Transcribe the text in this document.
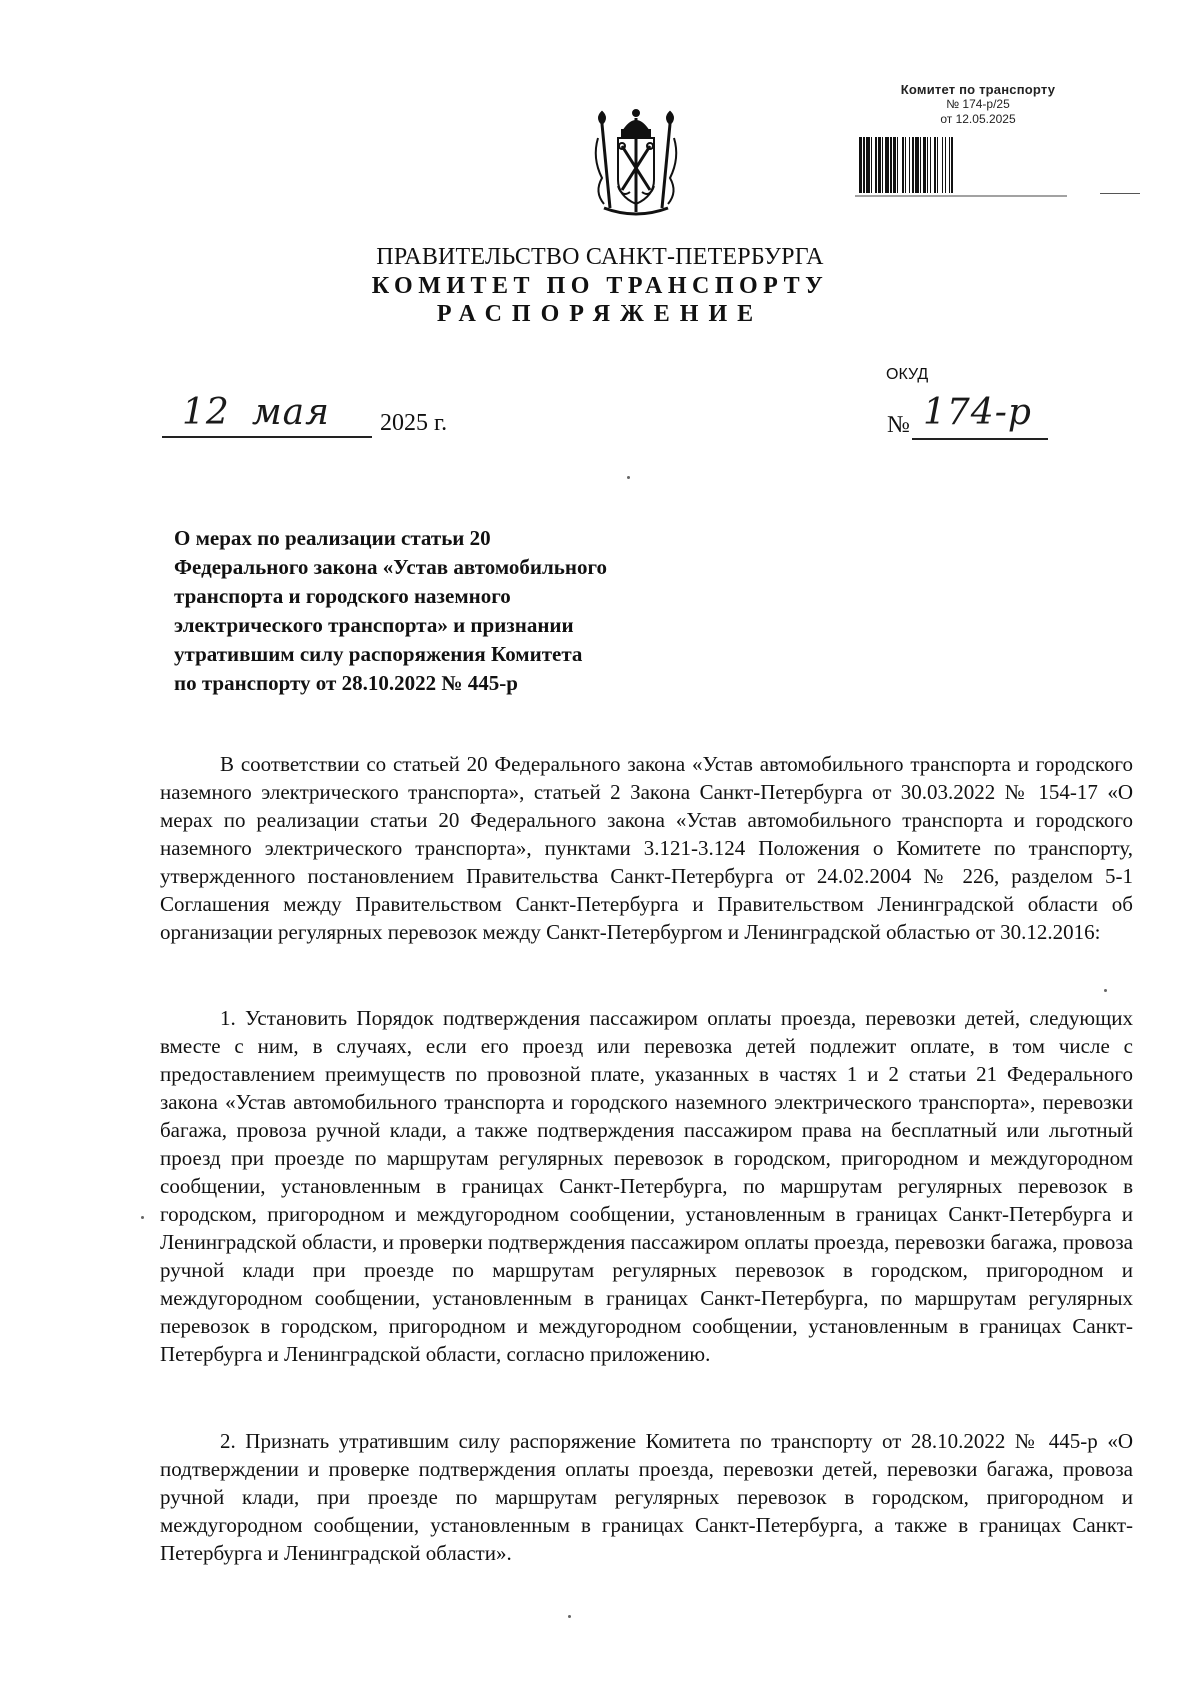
Комитет по транспорту
№ 174-р/25
от 12.05.2025
ПРАВИТЕЛЬСТВО САНКТ-ПЕТЕРБУРГА
КОМИТЕТ ПО ТРАНСПОРТУ
РАСПОРЯЖЕНИЕ
ОКУД
12 мая 2025 г.	№ 174-р
О мерах по реализации статьи 20
Федерального закона «Устав автомобильного
транспорта и городского наземного
электрического транспорта» и признании
утратившим силу распоряжения Комитета
по транспорту от 28.10.2022 № 445-р

В соответствии со статьей 20 Федерального закона «Устав автомобильного транспорта и городского наземного электрического транспорта», статьей 2 Закона Санкт-Петербурга от 30.03.2022 № 154-17 «О мерах по реализации статьи 20 Федерального закона «Устав автомобильного транспорта и городского наземного электрического транспорта», пунктами 3.121-3.124 Положения о Комитете по транспорту, утвержденного постановлением Правительства Санкт-Петербурга от 24.02.2004 № 226, разделом 5-1 Соглашения между Правительством Санкт-Петербурга и Правительством Ленинградской области об организации регулярных перевозок между Санкт-Петербургом и Ленинградской областью от 30.12.2016:

1. Установить Порядок подтверждения пассажиром оплаты проезда, перевозки детей, следующих вместе с ним, в случаях, если его проезд или перевозка детей подлежит оплате, в том числе с предоставлением преимуществ по провозной плате, указанных в частях 1 и 2 статьи 21 Федерального закона «Устав автомобильного транспорта и городского наземного электрического транспорта», перевозки багажа, провоза ручной клади, а также подтверждения пассажиром права на бесплатный или льготный проезд при проезде по маршрутам регулярных перевозок в городском, пригородном и междугородном сообщении, установленным в границах Санкт-Петербурга, по маршрутам регулярных перевозок в городском, пригородном и междугородном сообщении, установленным в границах Санкт-Петербурга и Ленинградской области, и проверки подтверждения пассажиром оплаты проезда, перевозки багажа, провоза ручной клади при проезде по маршрутам регулярных перевозок в городском, пригородном и междугородном сообщении, установленным в границах Санкт-Петербурга, по маршрутам регулярных перевозок в городском, пригородном и междугородном сообщении, установленным в границах Санкт-Петербурга и Ленинградской области, согласно приложению.

2. Признать утратившим силу распоряжение Комитета по транспорту от 28.10.2022 № 445-р «О подтверждении и проверке подтверждения оплаты проезда, перевозки детей, перевозки багажа, провоза ручной клади, при проезде по маршрутам регулярных перевозок в городском, пригородном и междугородном сообщении, установленным в границах Санкт-Петербурга, а также в границах Санкт-Петербурга и Ленинградской области».
